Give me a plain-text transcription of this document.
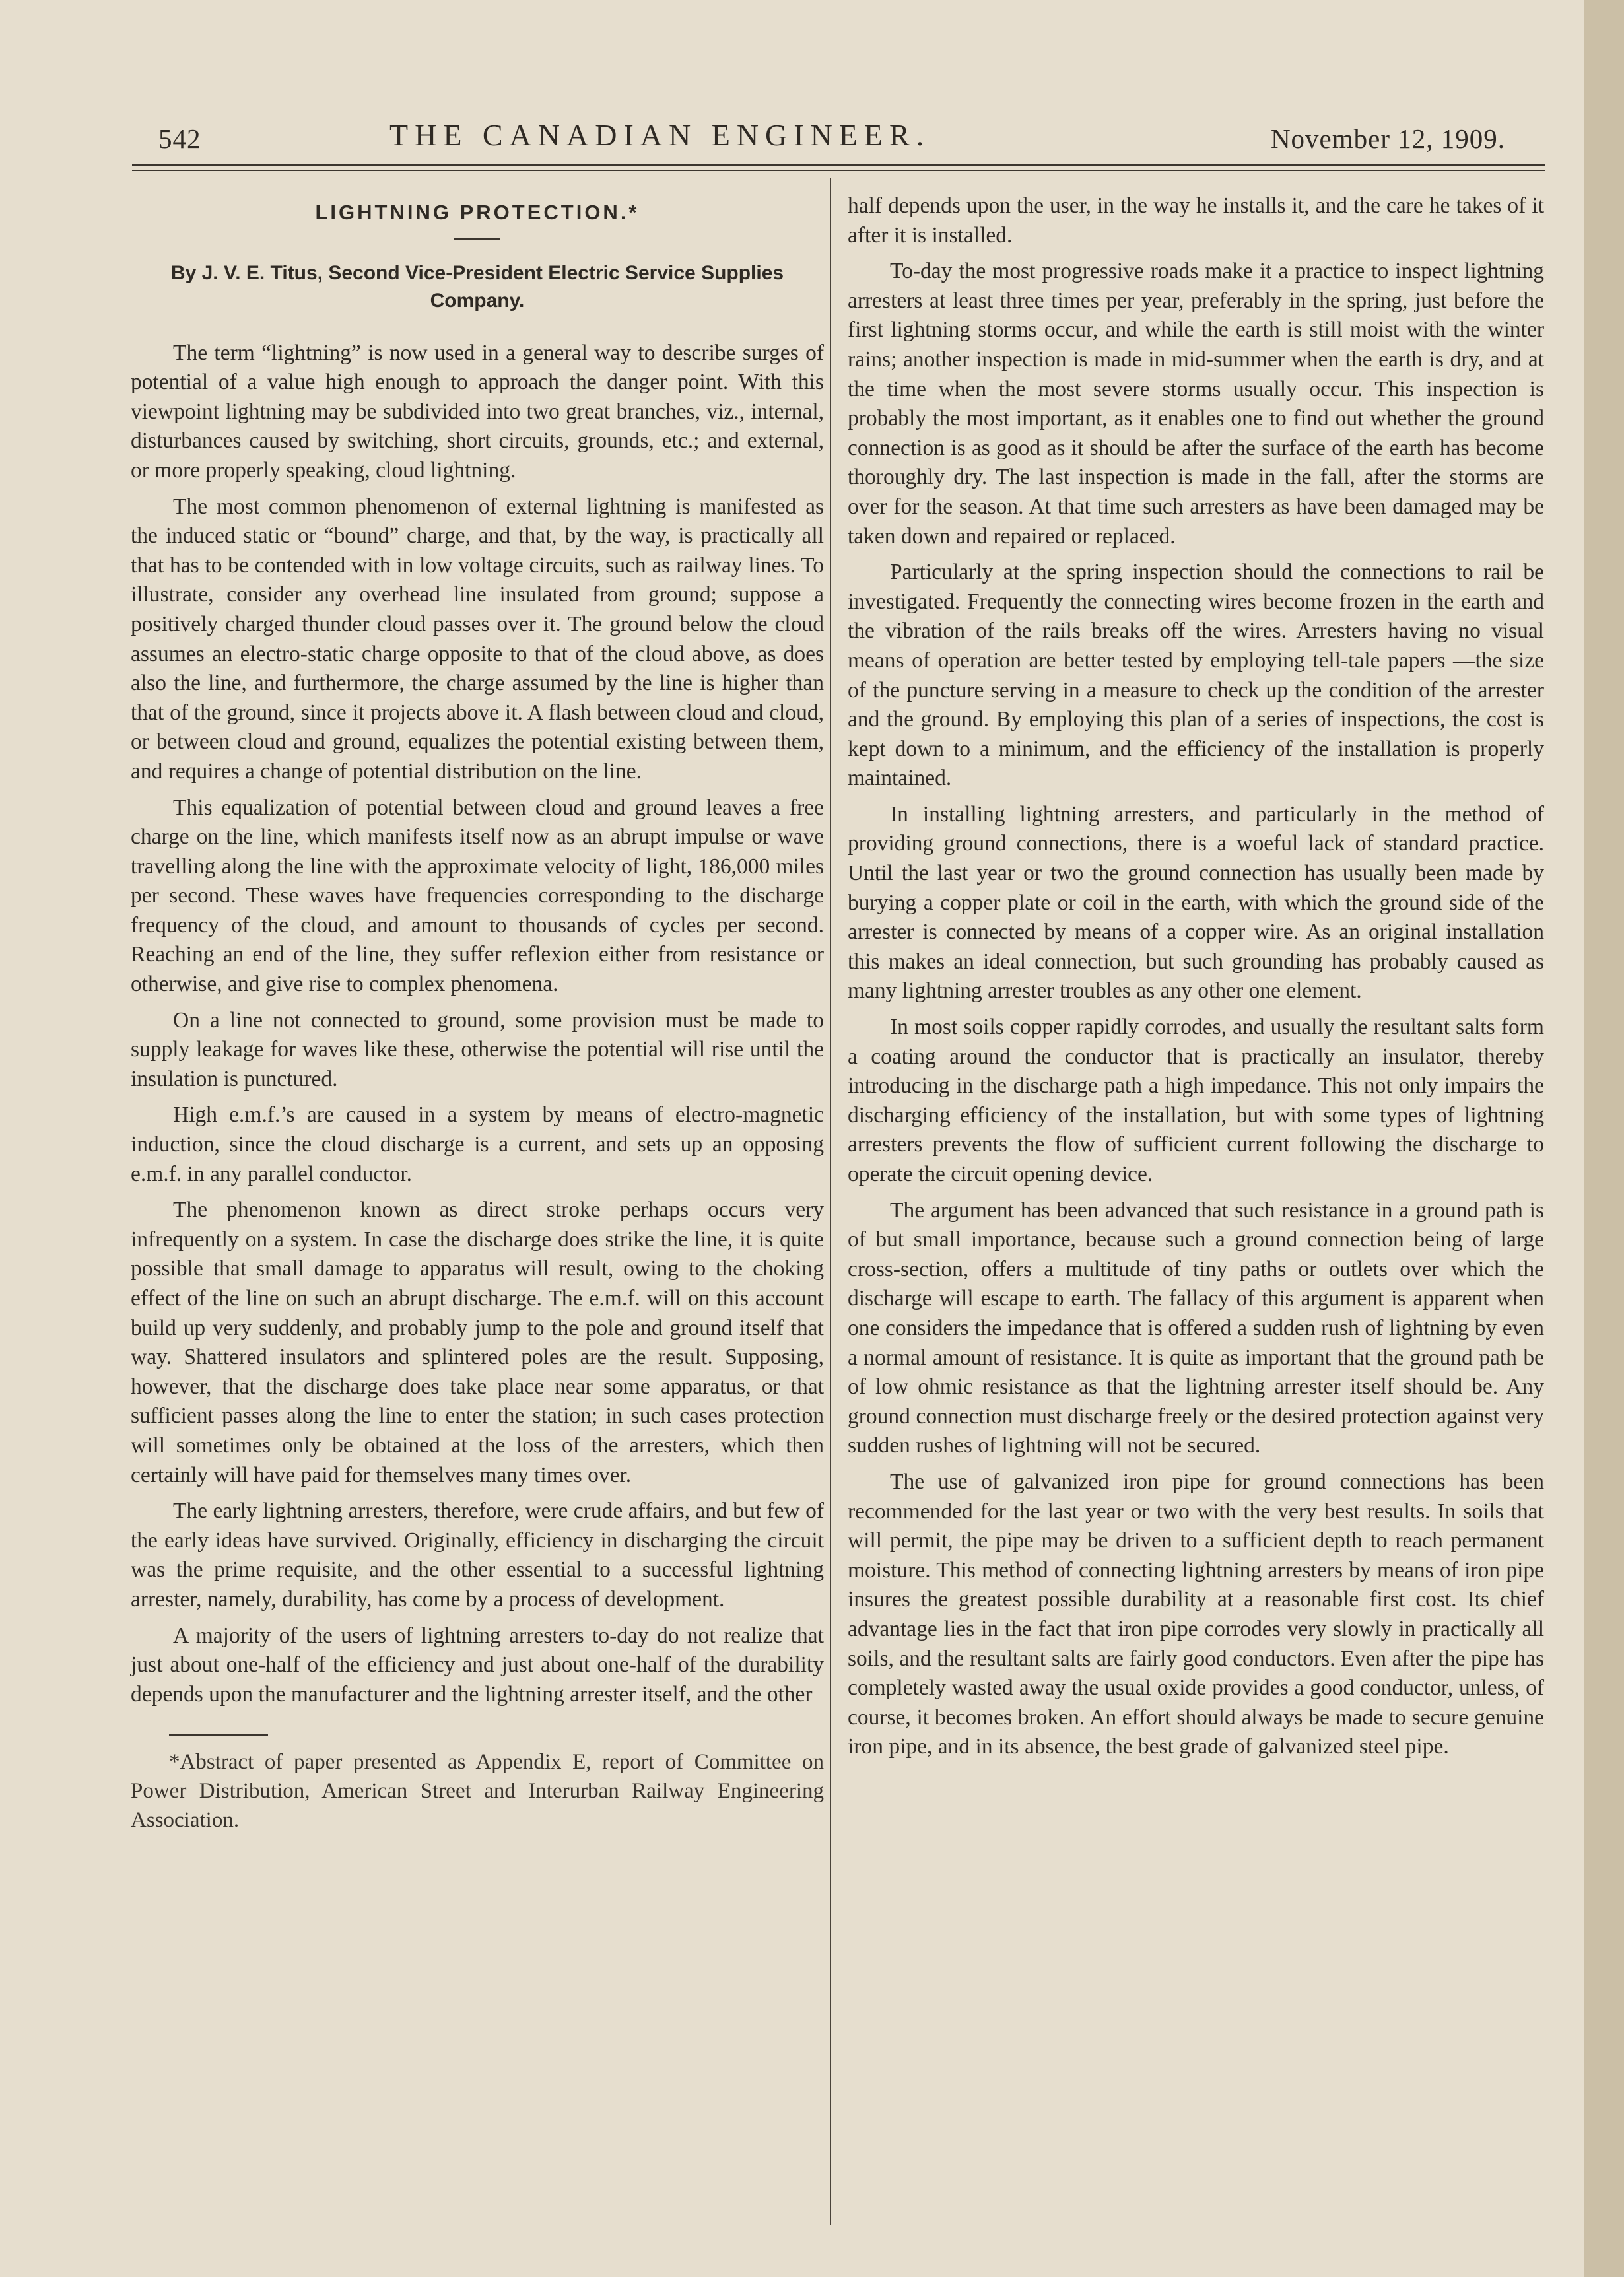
542	THE CANADIAN ENGINEER.	November 12, 1909.
LIGHTNING PROTECTION.*
By J. V. E. Titus, Second Vice-President Electric Service Supplies Company.

The term “lightning” is now used in a general way to describe surges of potential of a value high enough to approach the danger point. With this viewpoint lightning may be subdivided into two great branches, viz., internal, disturbances caused by switching, short circuits, grounds, etc.; and external, or more properly speaking, cloud lightning.

The most common phenomenon of external lightning is manifested as the induced static or “bound” charge, and that, by the way, is practically all that has to be contended with in low voltage circuits, such as railway lines. To illustrate, consider any overhead line insulated from ground; suppose a positively charged thunder cloud passes over it. The ground below the cloud assumes an electro-static charge opposite to that of the cloud above, as does also the line, and furthermore, the charge assumed by the line is higher than that of the ground, since it projects above it. A flash between cloud and cloud, or between cloud and ground, equalizes the potential existing between them, and requires a change of potential distribution on the line.

This equalization of potential between cloud and ground leaves a free charge on the line, which manifests itself now as an abrupt impulse or wave travelling along the line with the approximate velocity of light, 186,000 miles per second. These waves have frequencies corresponding to the discharge frequency of the cloud, and amount to thousands of cycles per second. Reaching an end of the line, they suffer reflexion either from resistance or otherwise, and give rise to complex phenomena.

On a line not connected to ground, some provision must be made to supply leakage for waves like these, otherwise the potential will rise until the insulation is punctured.

High e.m.f.’s are caused in a system by means of electro-magnetic induction, since the cloud discharge is a current, and sets up an opposing e.m.f. in any parallel conductor.

The phenomenon known as direct stroke perhaps occurs very infrequently on a system. In case the discharge does strike the line, it is quite possible that small damage to apparatus will result, owing to the choking effect of the line on such an abrupt discharge. The e.m.f. will on this account build up very suddenly, and probably jump to the pole and ground itself that way. Shattered insulators and splintered poles are the result. Supposing, however, that the discharge does take place near some apparatus, or that sufficient passes along the line to enter the station; in such cases protection will sometimes only be obtained at the loss of the arresters, which then certainly will have paid for themselves many times over.

The early lightning arresters, therefore, were crude affairs, and but few of the early ideas have survived. Originally, efficiency in discharging the circuit was the prime requisite, and the other essential to a successful lightning arrester, namely, durability, has come by a process of development.

A majority of the users of lightning arresters to-day do not realize that just about one-half of the efficiency and just about one-half of the durability depends upon the manufacturer and the lightning arrester itself, and the other

*Abstract of paper presented as Appendix E, report of Committee on Power Distribution, American Street and Interurban Railway Engineering Association.

half depends upon the user, in the way he installs it, and the care he takes of it after it is installed.

To-day the most progressive roads make it a practice to inspect lightning arresters at least three times per year, preferably in the spring, just before the first lightning storms occur, and while the earth is still moist with the winter rains; another inspection is made in mid-summer when the earth is dry, and at the time when the most severe storms usually occur. This inspection is probably the most important, as it enables one to find out whether the ground connection is as good as it should be after the surface of the earth has become thoroughly dry. The last inspection is made in the fall, after the storms are over for the season. At that time such arresters as have been damaged may be taken down and repaired or replaced.

Particularly at the spring inspection should the connections to rail be investigated. Frequently the connecting wires become frozen in the earth and the vibration of the rails breaks off the wires. Arresters having no visual means of operation are better tested by employing tell-tale papers —the size of the puncture serving in a measure to check up the condition of the arrester and the ground. By employing this plan of a series of inspections, the cost is kept down to a minimum, and the efficiency of the installation is properly maintained.

In installing lightning arresters, and particularly in the method of providing ground connections, there is a woeful lack of standard practice. Until the last year or two the ground connection has usually been made by burying a copper plate or coil in the earth, with which the ground side of the arrester is connected by means of a copper wire. As an original installation this makes an ideal connection, but such grounding has probably caused as many lightning arrester troubles as any other one element.

In most soils copper rapidly corrodes, and usually the resultant salts form a coating around the conductor that is practically an insulator, thereby introducing in the discharge path a high impedance. This not only impairs the discharging efficiency of the installation, but with some types of lightning arresters prevents the flow of sufficient current following the discharge to operate the circuit opening device.

The argument has been advanced that such resistance in a ground path is of but small importance, because such a ground connection being of large cross-section, offers a multitude of tiny paths or outlets over which the discharge will escape to earth. The fallacy of this argument is apparent when one considers the impedance that is offered a sudden rush of lightning by even a normal amount of resistance. It is quite as important that the ground path be of low ohmic resistance as that the lightning arrester itself should be. Any ground connection must discharge freely or the desired protection against very sudden rushes of lightning will not be secured.

The use of galvanized iron pipe for ground connections has been recommended for the last year or two with the very best results. In soils that will permit, the pipe may be driven to a sufficient depth to reach permanent moisture. This method of connecting lightning arresters by means of iron pipe insures the greatest possible durability at a reasonable first cost. Its chief advantage lies in the fact that iron pipe corrodes very slowly in practically all soils, and the resultant salts are fairly good conductors. Even after the pipe has completely wasted away the usual oxide provides a good conductor, unless, of course, it becomes broken. An effort should always be made to secure genuine iron pipe, and in its absence, the best grade of galvanized steel pipe.
